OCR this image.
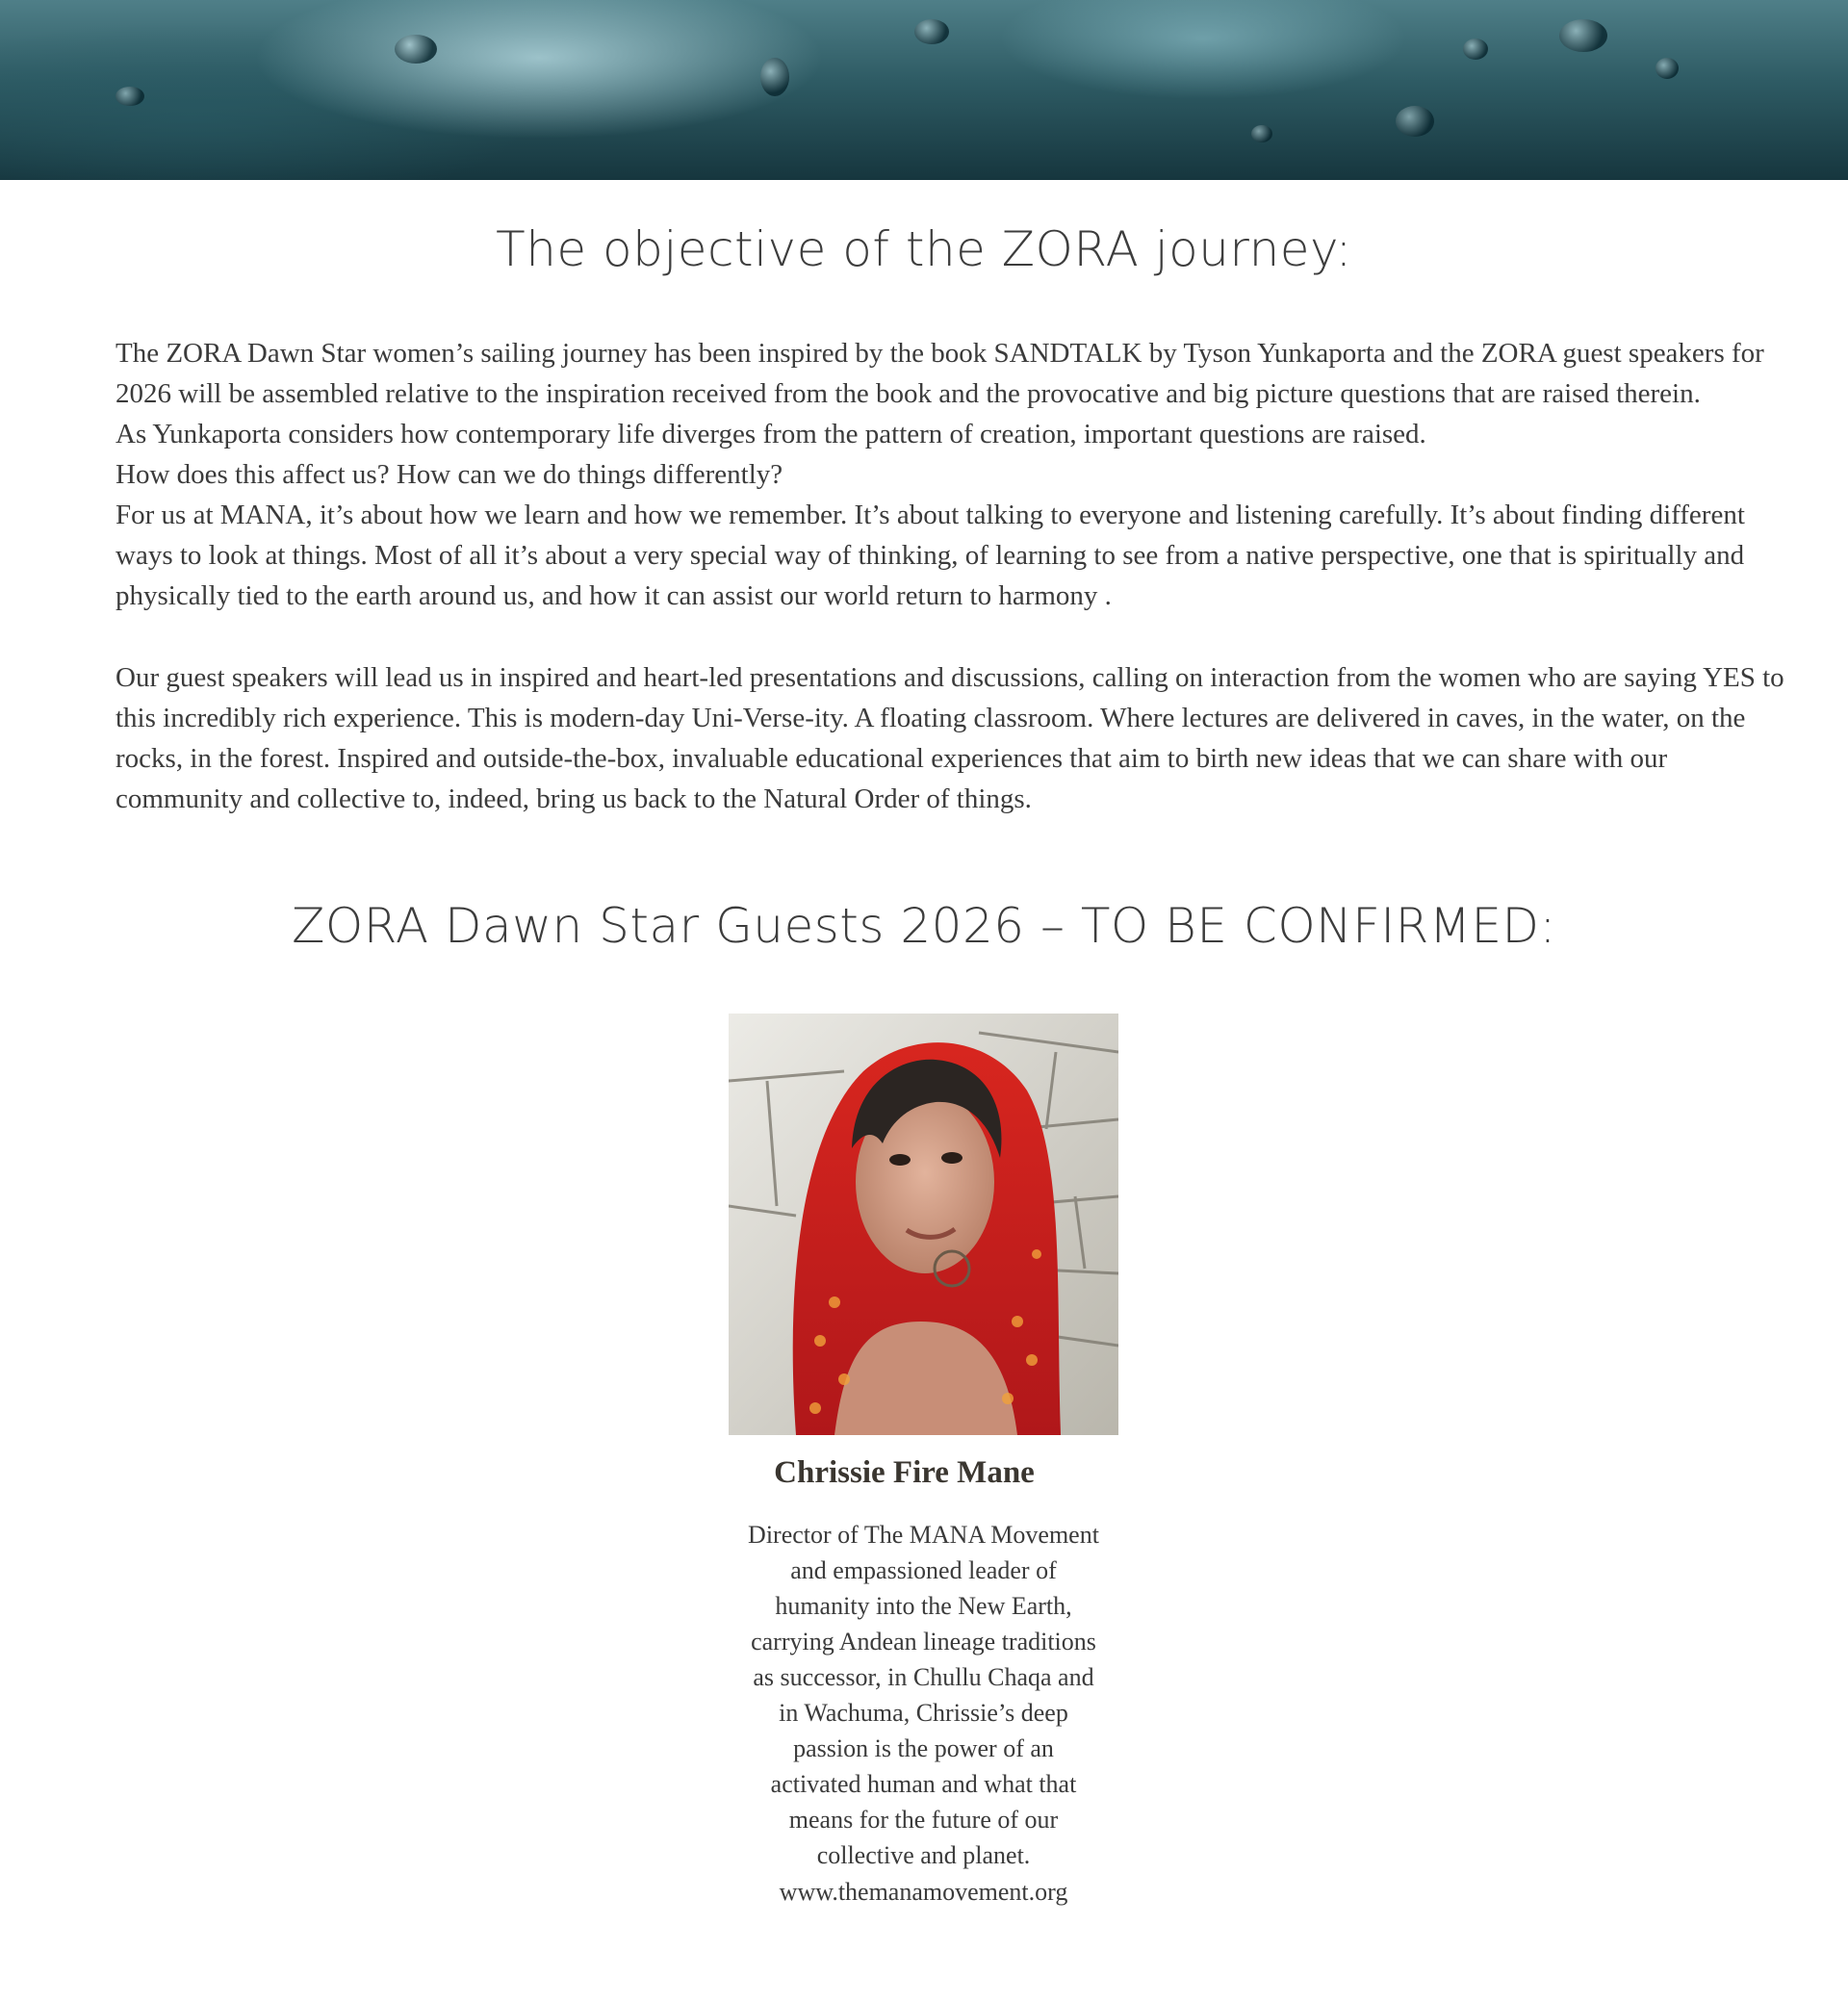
The objective of the ZORA journey:

The ZORA Dawn Star women’s sailing journey has been inspired by the book SANDTALK by Tyson Yunkaporta and the ZORA guest speakers for 2026 will be assembled relative to the inspiration received from the book and the provocative and big picture questions that are raised therein.

As Yunkaporta considers how contemporary life diverges from the pattern of creation, important questions are raised.

How does this affect us? How can we do things differently?

For us at MANA, it’s about how we learn and how we remember. It’s about talking to everyone and listening carefully. It’s about finding different ways to look at things. Most of all it’s about a very special way of thinking, of learning to see from a native perspective, one that is spiritually and physically tied to the earth around us, and how it can assist our world return to harmony .

Our guest speakers will lead us in inspired and heart-led presentations and discussions, calling on interaction from the women who are saying YES to this incredibly rich experience. This is modern-day Uni-Verse-ity. A floating classroom. Where lectures are delivered in caves, in the water, on the rocks, in the forest. Inspired and outside-the-box, invaluable educational experiences that aim to birth new ideas that we can share with our community and collective to, indeed, bring us back to the Natural Order of things.

ZORA Dawn Star Guests 2026 – TO BE CONFIRMED:
Chrissie Fire Mane

Director of The MANA Movement and empassioned leader of humanity into the New Earth, carrying Andean lineage traditions as successor, in Chullu Chaqa and in Wachuma, Chrissie’s deep passion is the power of an activated human and what that means for the future of our collective and planet.

www.themanamovement.org
